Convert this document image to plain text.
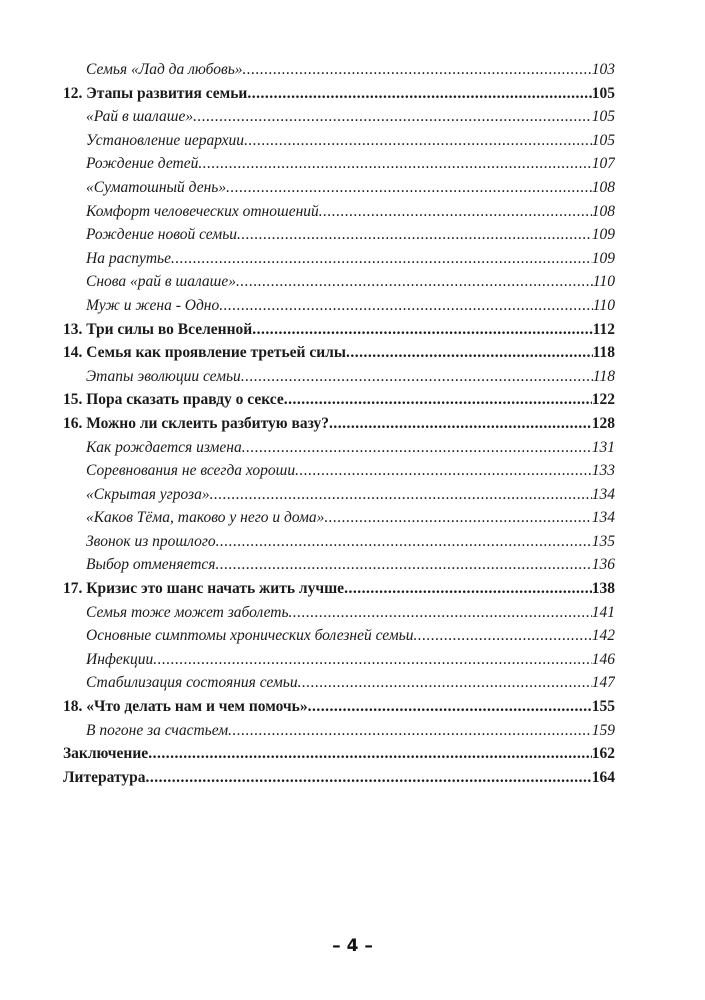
Семья «Лад да любовь» .....	103
12. Этапы развития семьи .....	105
«Рай в шалаше» .....	105
Установление иерархии .....	105
Рождение детей .....	107
«Суматошный день» .....	108
Комфорт человеческих отношений .....	108
Рождение новой семьи .....	109
На распутье .....	109
Снова «рай в шалаше» .....	110
Муж и жена - Одно .....	110
13. Три силы во Вселенной .....	112
14. Семья как проявление третьей силы .....	118
Этапы эволюции семьи .....	118
15. Пора сказать правду о сексе .....	122
16. Можно ли склеить разбитую вазу? .....	128
Как рождается измена .....	131
Соревнования не всегда хороши .....	133
«Скрытая угроза» .....	134
«Каков Тёма, таково у него и дома» .....	134
Звонок из прошлого .....	135
Выбор отменяется .....	136
17. Кризис это шанс начать жить лучше .....	138
Семья тоже может заболеть .....	141
Основные симптомы хронических болезней семьи .....	142
Инфекции .....	146
Стабилизация состояния семьи .....	147
18. «Что делать нам и чем помочь» .....	155
В погоне за счастьем .....	159
Заключение .....	162
Литература .....	164
– 4 –
